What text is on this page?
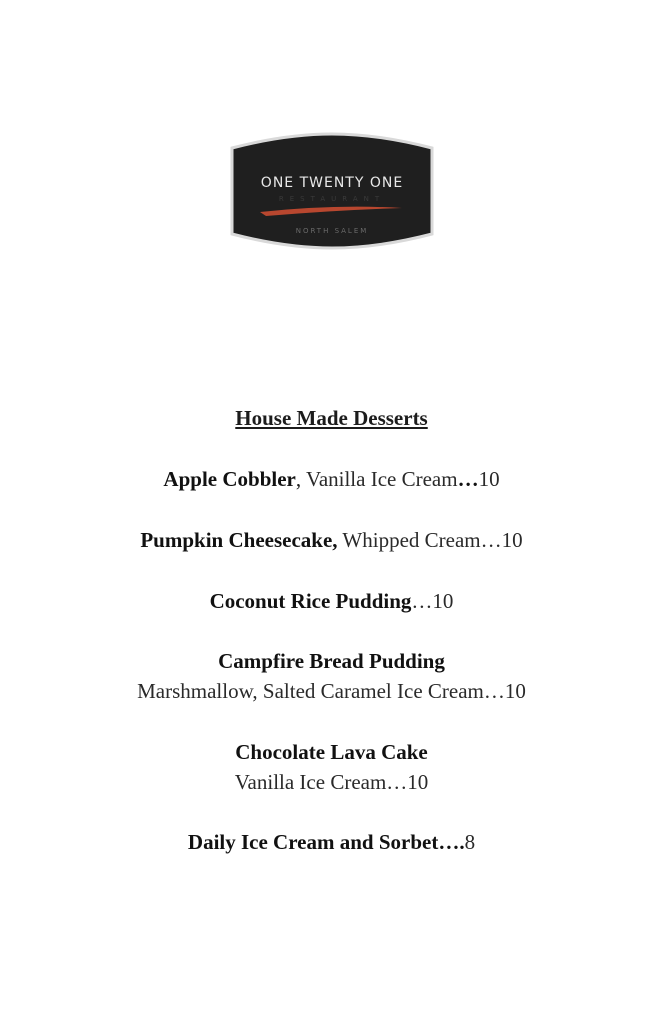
ONE TWENTY ONE
RESTAURANT
NORTH SALEM
House Made Desserts
Apple Cobbler, Vanilla Ice Cream…10
Pumpkin Cheesecake, Whipped Cream…10
Coconut Rice Pudding…10
Campfire Bread Pudding
Marshmallow, Salted Caramel Ice Cream…10
Chocolate Lava Cake
Vanilla Ice Cream…10
Daily Ice Cream and Sorbet….8
